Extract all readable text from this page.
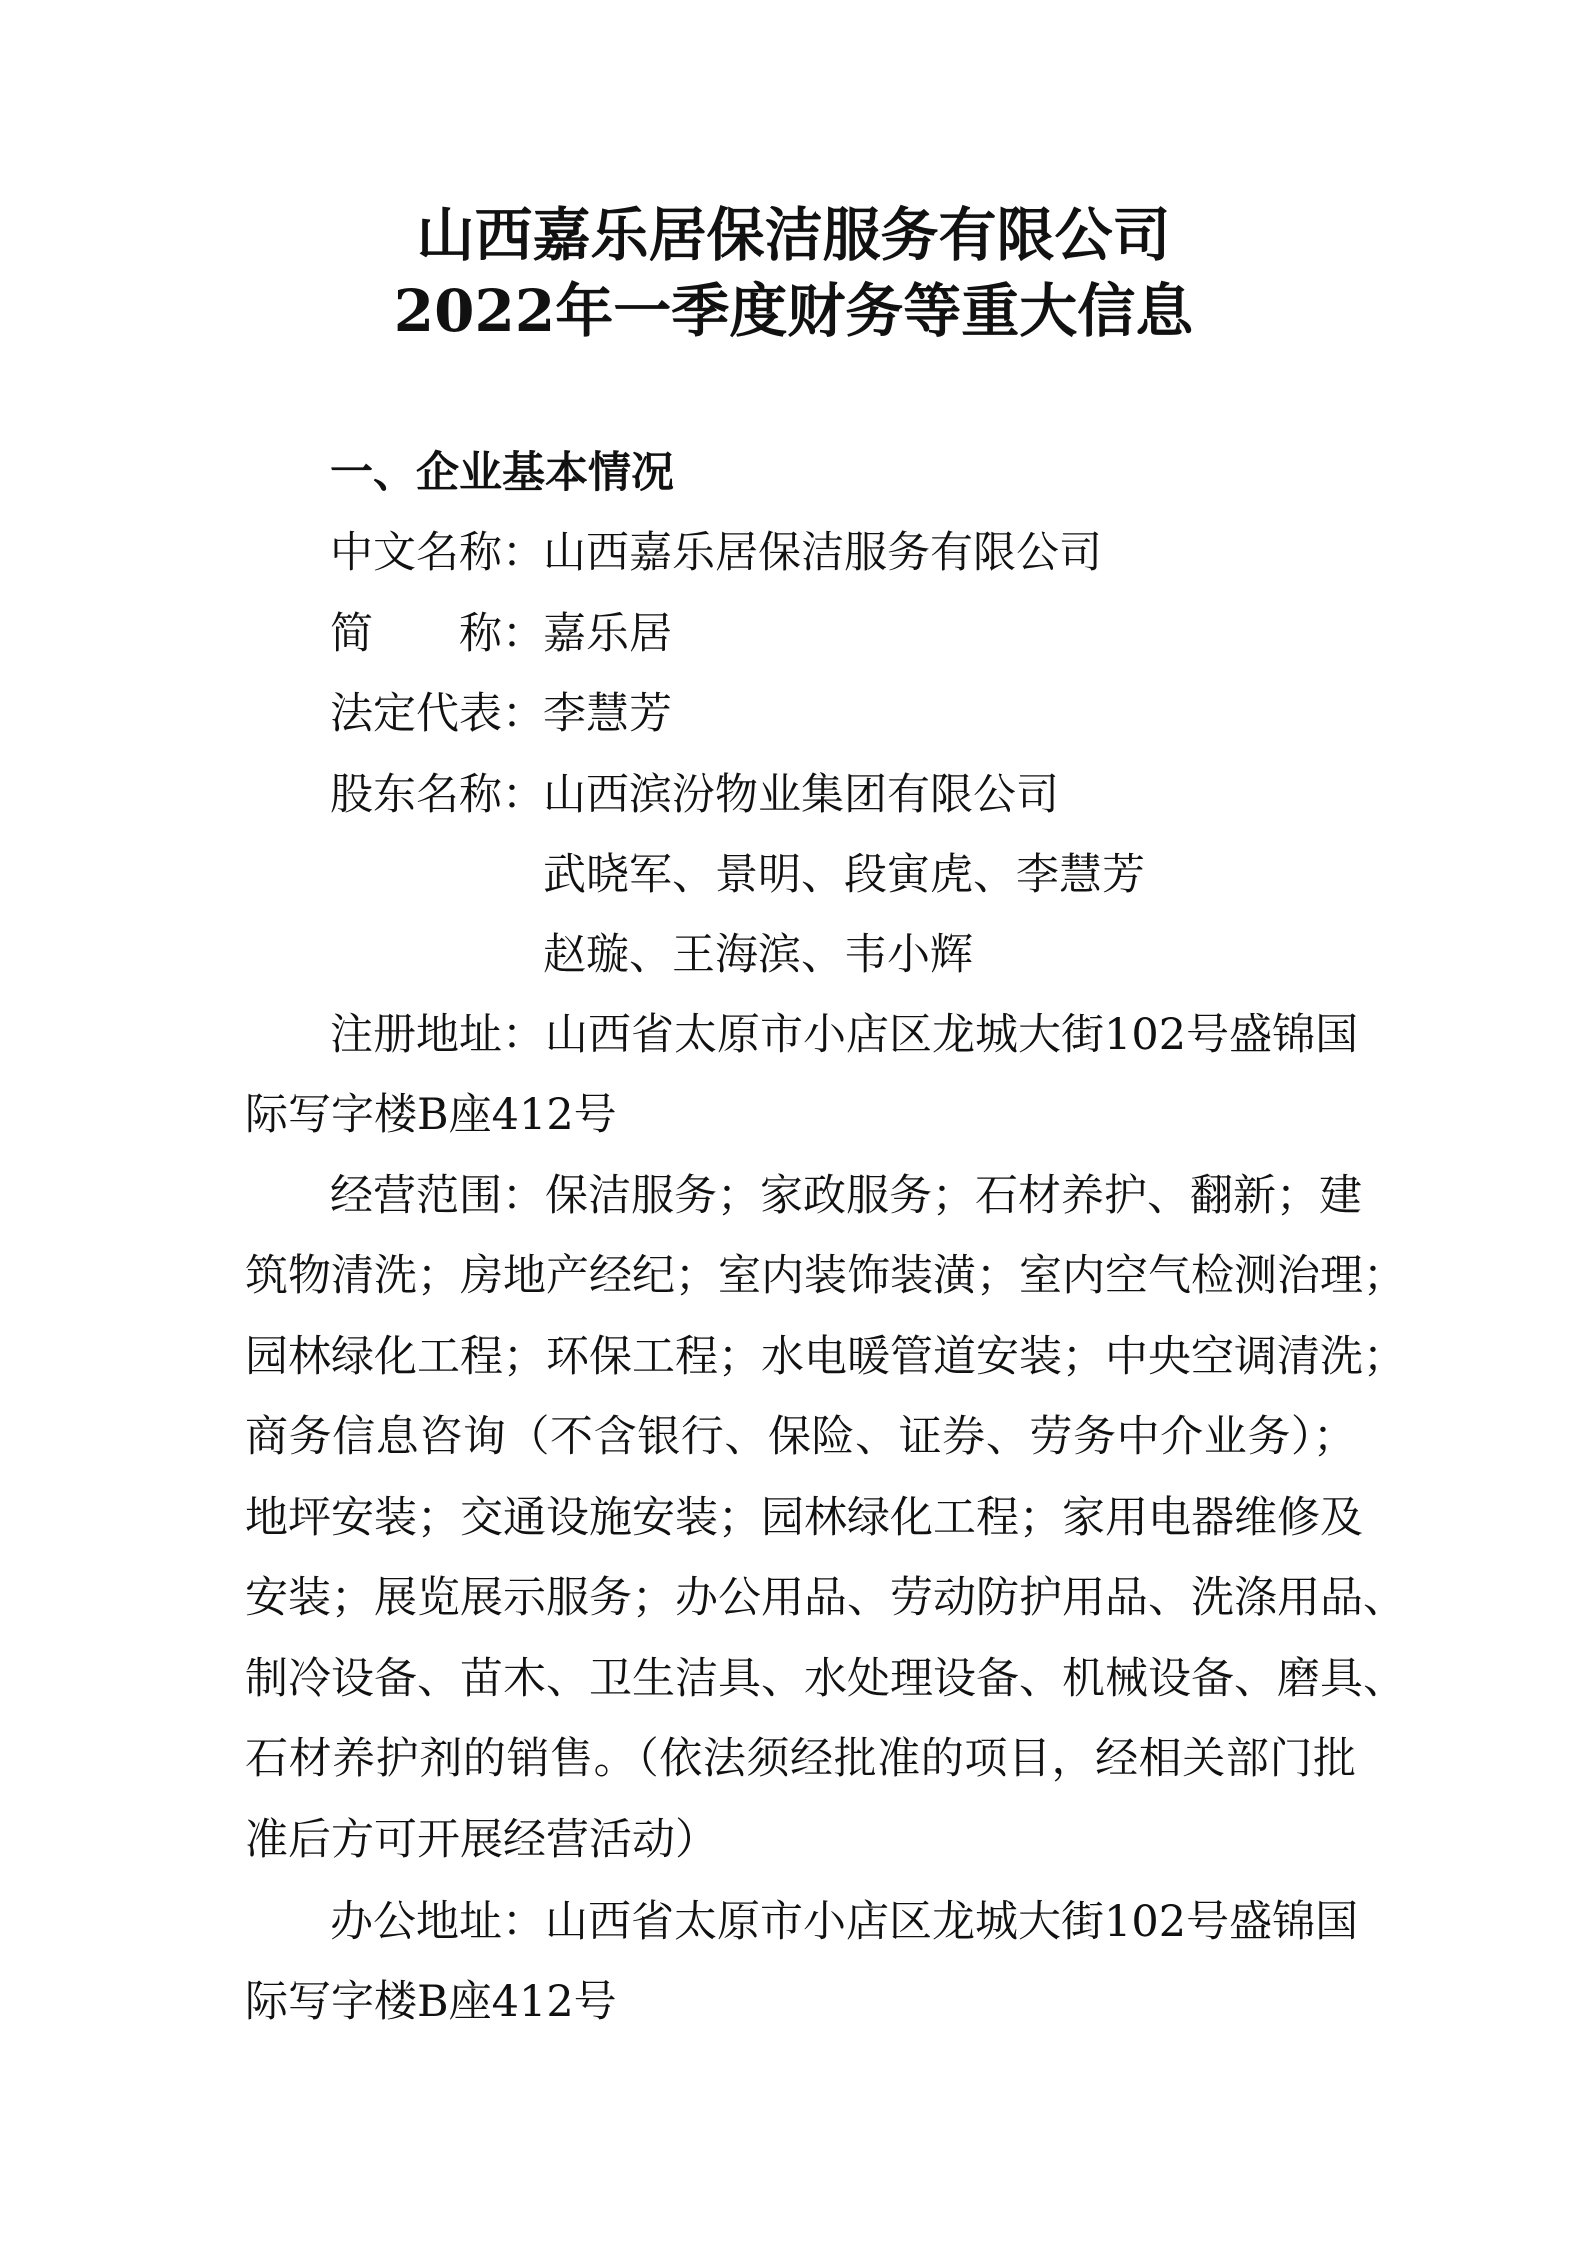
山西嘉乐居保洁服务有限公司
2022年一季度财务等重大信息
一、企业基本情况
中文名称：山西嘉乐居保洁服务有限公司
简　　称：嘉乐居
法定代表：李慧芳
股东名称：山西滨汾物业集团有限公司
武晓军、景明、段寅虎、李慧芳
赵璇、王海滨、韦小辉
注册地址：山西省太原市小店区龙城大街102号盛锦国
际写字楼B座412号
经营范围：保洁服务；家政服务；石材养护、翻新；建
筑物清洗；房地产经纪；室内装饰装潢；室内空气检测治理；
园林绿化工程；环保工程；水电暖管道安装；中央空调清洗；
商务信息咨询（不含银行、保险、证券、劳务中介业务）；
地坪安装；交通设施安装；园林绿化工程；家用电器维修及
安装；展览展示服务；办公用品、劳动防护用品、洗涤用品、
制冷设备、苗木、卫生洁具、水处理设备、机械设备、磨具、
石材养护剂的销售。（依法须经批准的项目，经相关部门批
准后方可开展经营活动）
办公地址：山西省太原市小店区龙城大街102号盛锦国
际写字楼B座412号
